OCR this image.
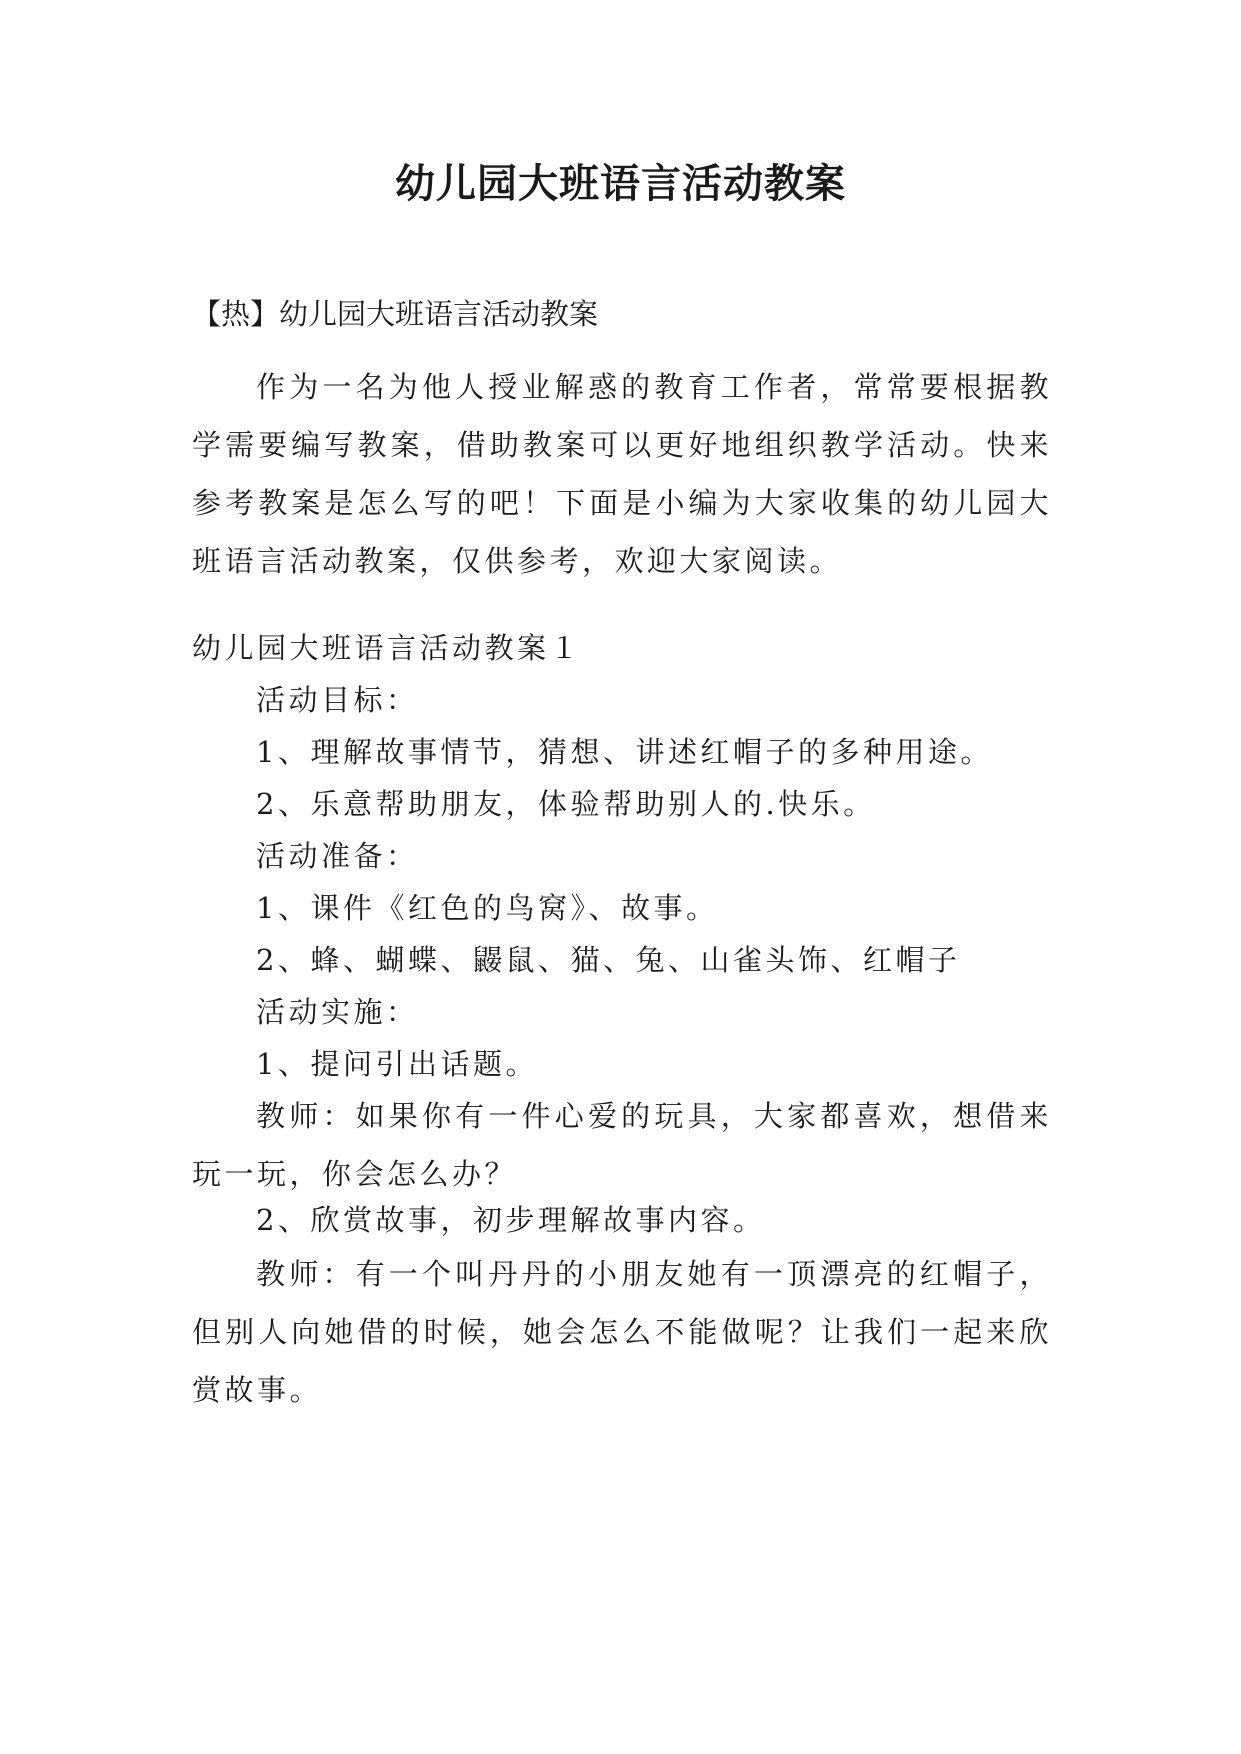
幼儿园大班语言活动教案
【热】幼儿园大班语言活动教案

作为一名为他人授业解惑的教育工作者，常常要根据教学需要编写教案，借助教案可以更好地组织教学活动。快来参考教案是怎么写的吧！下面是小编为大家收集的幼儿园大班语言活动教案，仅供参考，欢迎大家阅读。

幼儿园大班语言活动教案１
活动目标：
1、理解故事情节，猜想、讲述红帽子的多种用途。
2、乐意帮助朋友，体验帮助别人的.快乐。
活动准备：
1、课件《红色的鸟窝》、故事。
2、蜂、蝴蝶、鼹鼠、猫、兔、山雀头饰、红帽子
活动实施：
1、提问引出话题。

教师：如果你有一件心爱的玩具，大家都喜欢，想借来玩一玩，你会怎么办？

2、欣赏故事，初步理解故事内容。

教师：有一个叫丹丹的小朋友她有一顶漂亮的红帽子，但别人向她借的时候，她会怎么不能做呢？让我们一起来欣赏故事。
